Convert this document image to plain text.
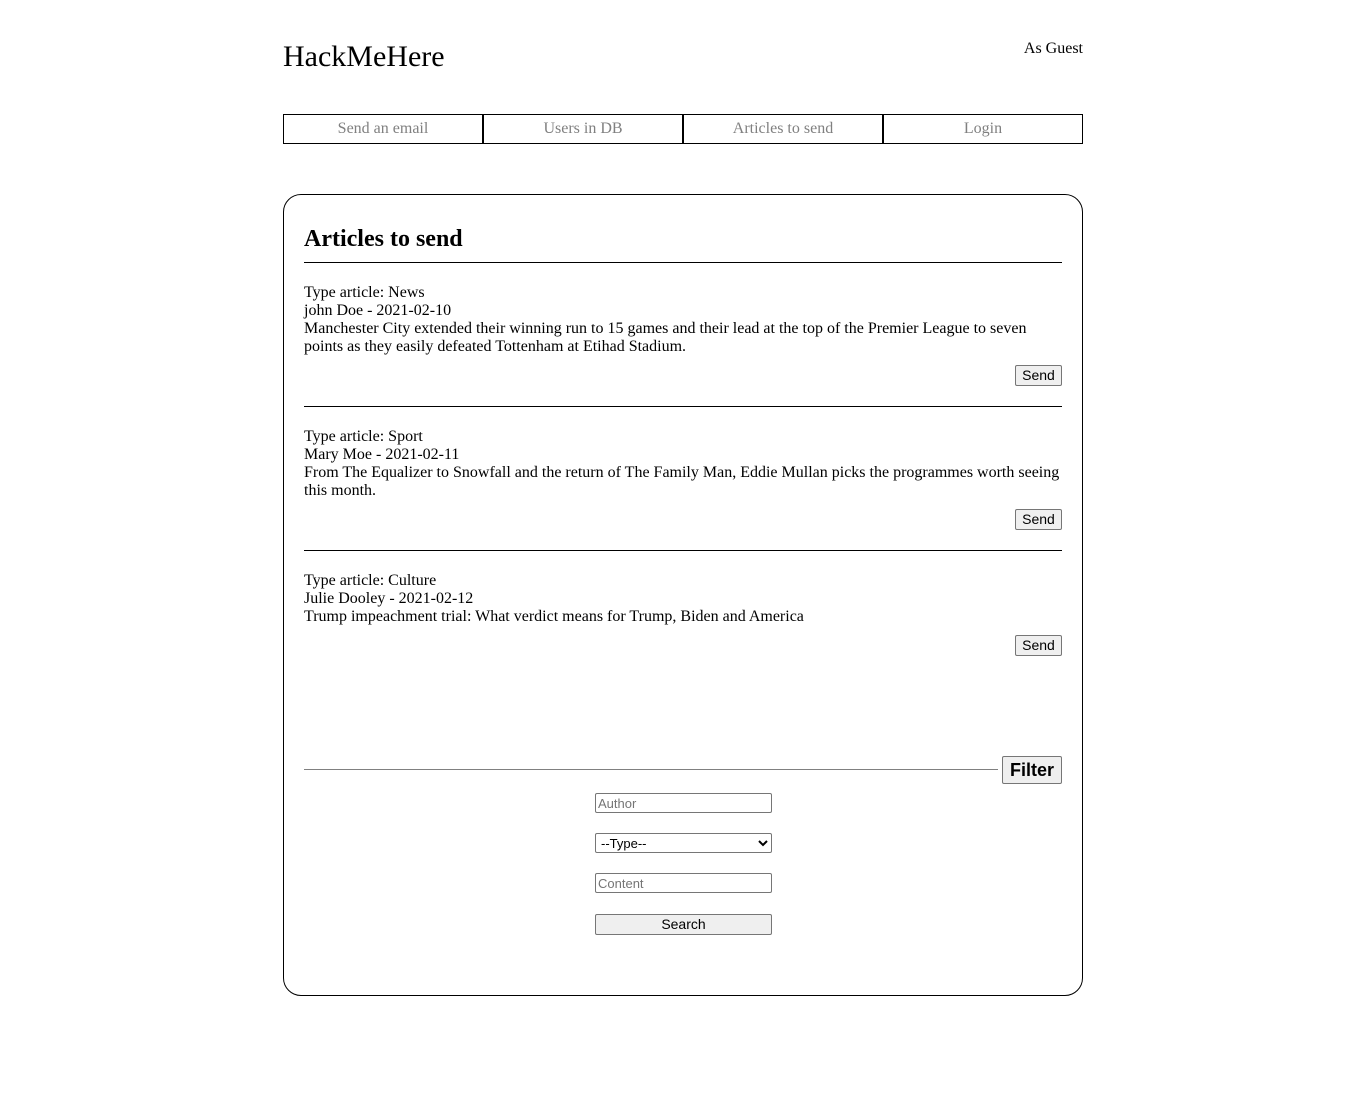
HackMeHere	As Guest
Send an email	Users in DB	Articles to send	Login
Articles to send
Type article: News
john Doe - 2021-02-10
Manchester City extended their winning run to 15 games and their lead at the top of the Premier League to seven points as they easily defeated Tottenham at Etihad Stadium.
Send
Type article: Sport
Mary Moe - 2021-02-11
From The Equalizer to Snowfall and the return of The Family Man, Eddie Mullan picks the programmes worth seeing this month.
Send
Type article: Culture
Julie Dooley - 2021-02-12
Trump impeachment trial: What verdict means for Trump, Biden and America
Send
Filter
Author
--Type--
Content
Search
